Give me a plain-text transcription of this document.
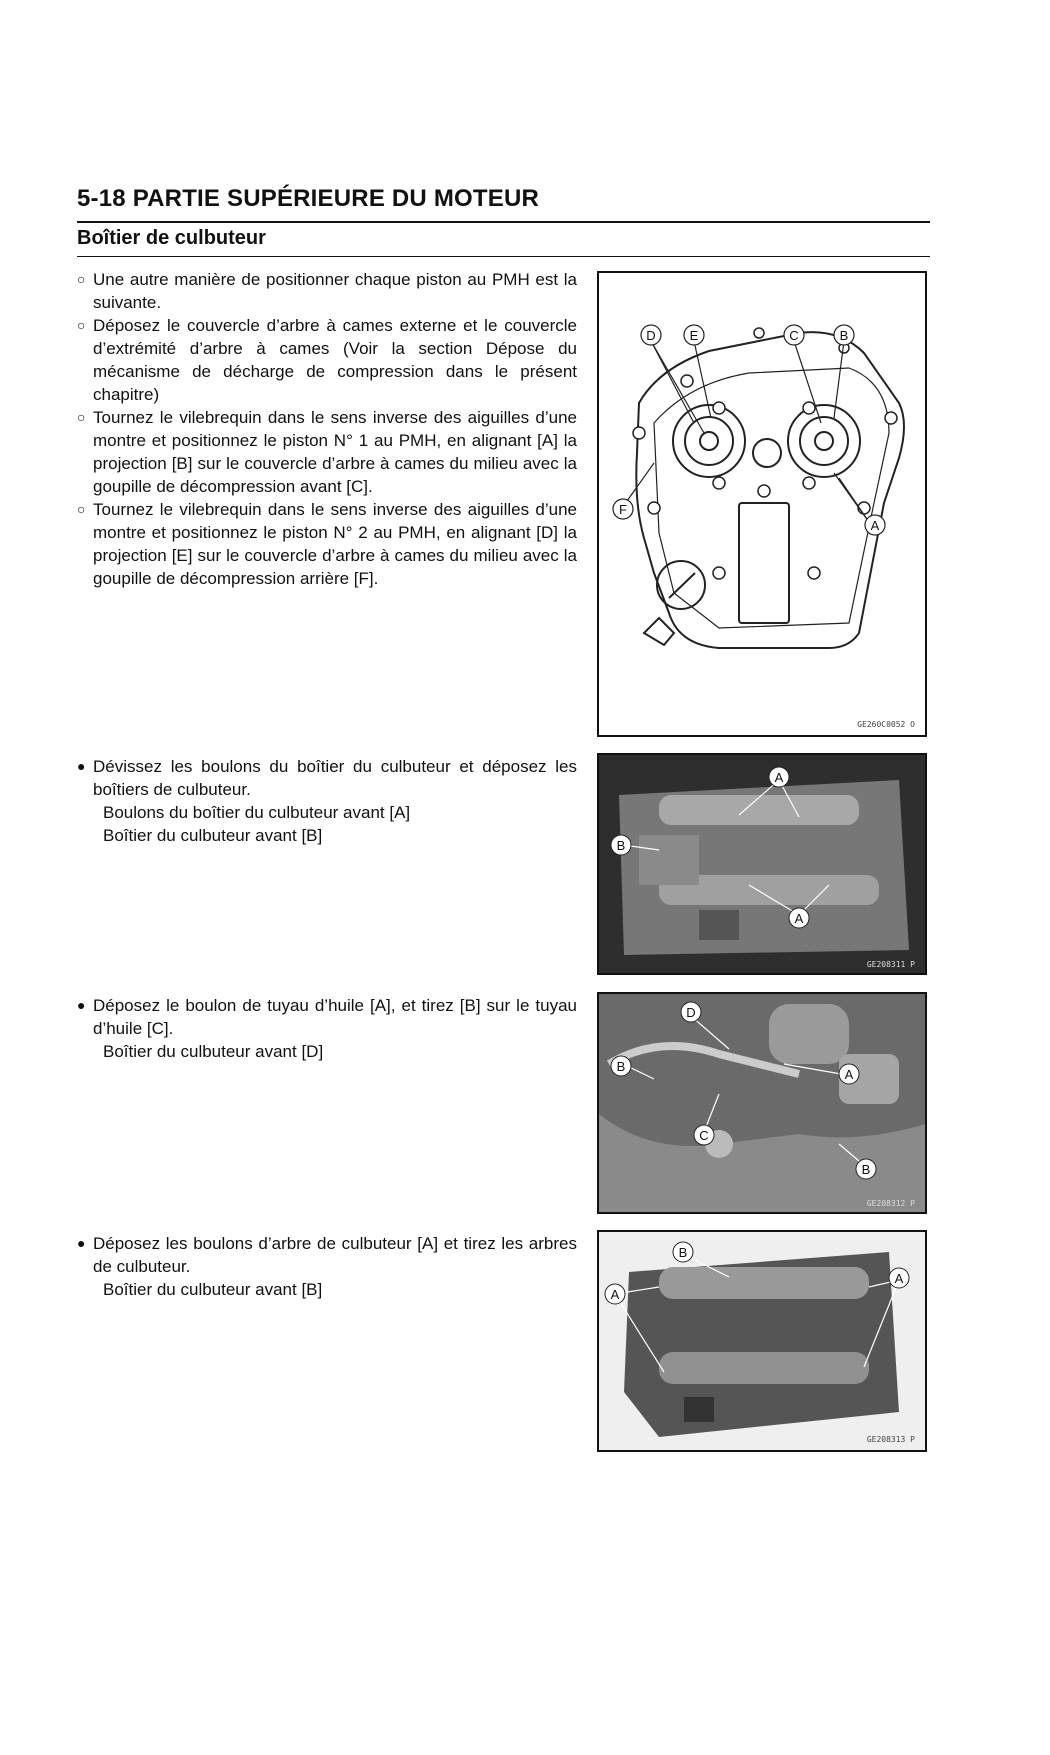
5-18 PARTIE SUPÉRIEURE DU MOTEUR
Boîtier de culbuteur

○ Une autre manière de positionner chaque piston au PMH est la suivante.

○ Déposez le couvercle d’arbre à cames externe et le couvercle d’extrémité d’arbre à cames (Voir la section Dépose du mécanisme de décharge de compression dans le présent chapitre)

○ Tournez le vilebrequin dans le sens inverse des aiguilles d’une montre et positionnez le piston N° 1 au PMH, en alignant [A] la projection [B] sur le couvercle d’arbre à cames du milieu avec la goupille de décompression avant [C].

○ Tournez le vilebrequin dans le sens inverse des aiguilles d’une montre et positionnez le piston N° 2 au PMH, en alignant [D] la projection [E] sur le couvercle d’arbre à cames du milieu avec la goupille de décompression arrière [F].

D	E	C	B
F
A
GE260C0052 O

● Dévissez les boulons du boîtier du culbuteur et déposez les boîtiers de culbuteur.

Boulons du boîtier du culbuteur avant [A]

Boîtier du culbuteur avant [B]

A
B
A
GE208311 P

● Déposez le boulon de tuyau d’huile [A], et tirez [B] sur le tuyau d’huile [C].

Boîtier du culbuteur avant [D]

D
B
A
C
B
GE208312 P

● Déposez les boulons d’arbre de culbuteur [A] et tirez les arbres de culbuteur.

Boîtier du culbuteur avant [B]

B
A
A
GE208313 P
